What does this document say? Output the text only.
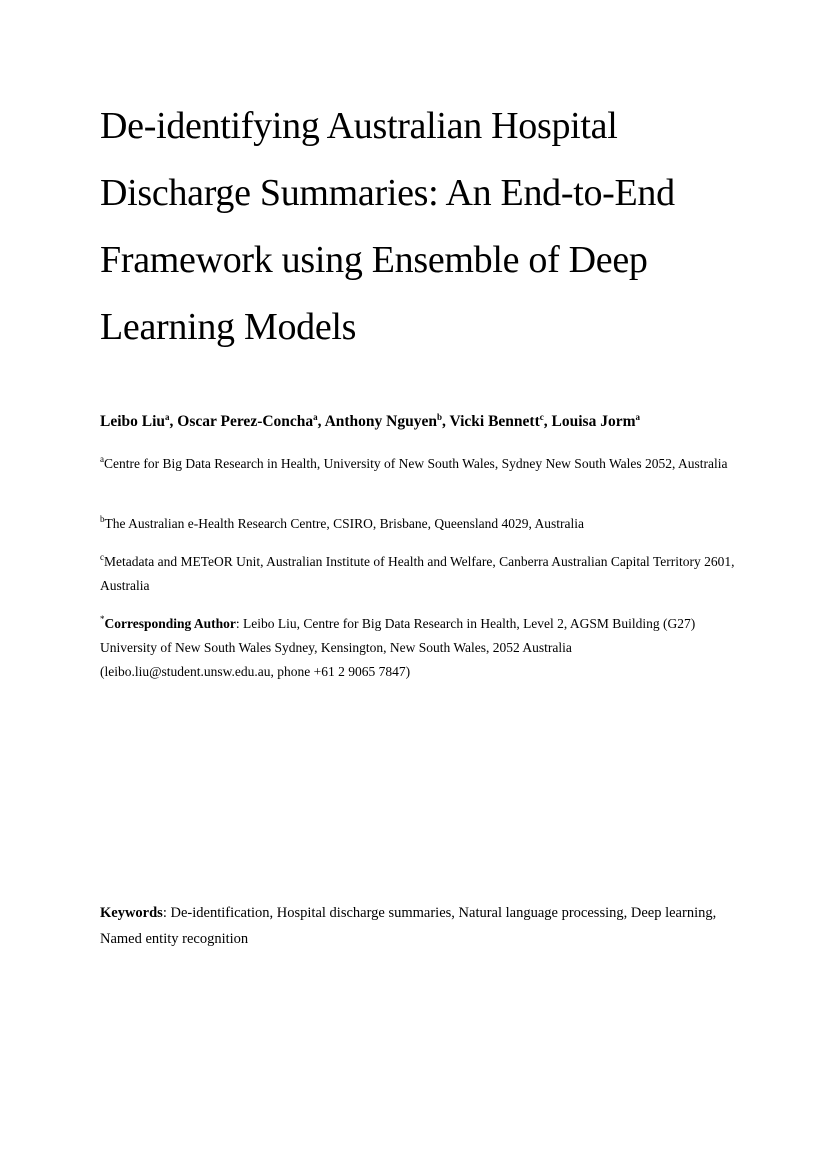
De-identifying Australian Hospital
Discharge Summaries: An End-to-End
Framework using Ensemble of Deep
Learning Models
Leibo Liu$^a$, Oscar Perez-Concha$^a$, Anthony Nguyen$^b$, Vicki Bennett$^c$, Louisa Jorm$^a$

$^a$Centre for Big Data Research in Health, University of New South Wales, Sydney New South Wales 2052, Australia

$^b$The Australian e-Health Research Centre, CSIRO, Brisbane, Queensland 4029, Australia

$^c$Metadata and METeOR Unit, Australian Institute of Health and Welfare, Canberra Australian Capital Territory 2601, Australia

*Corresponding Author: Leibo Liu, Centre for Big Data Research in Health, Level 2, AGSM Building (G27) University of New South Wales Sydney, Kensington, New South Wales, 2052 Australia (leibo.liu@student.unsw.edu.au, phone +61 2 9065 7847)
Keywords: De-identification, Hospital discharge summaries, Natural language processing, Deep learning, Named entity recognition
